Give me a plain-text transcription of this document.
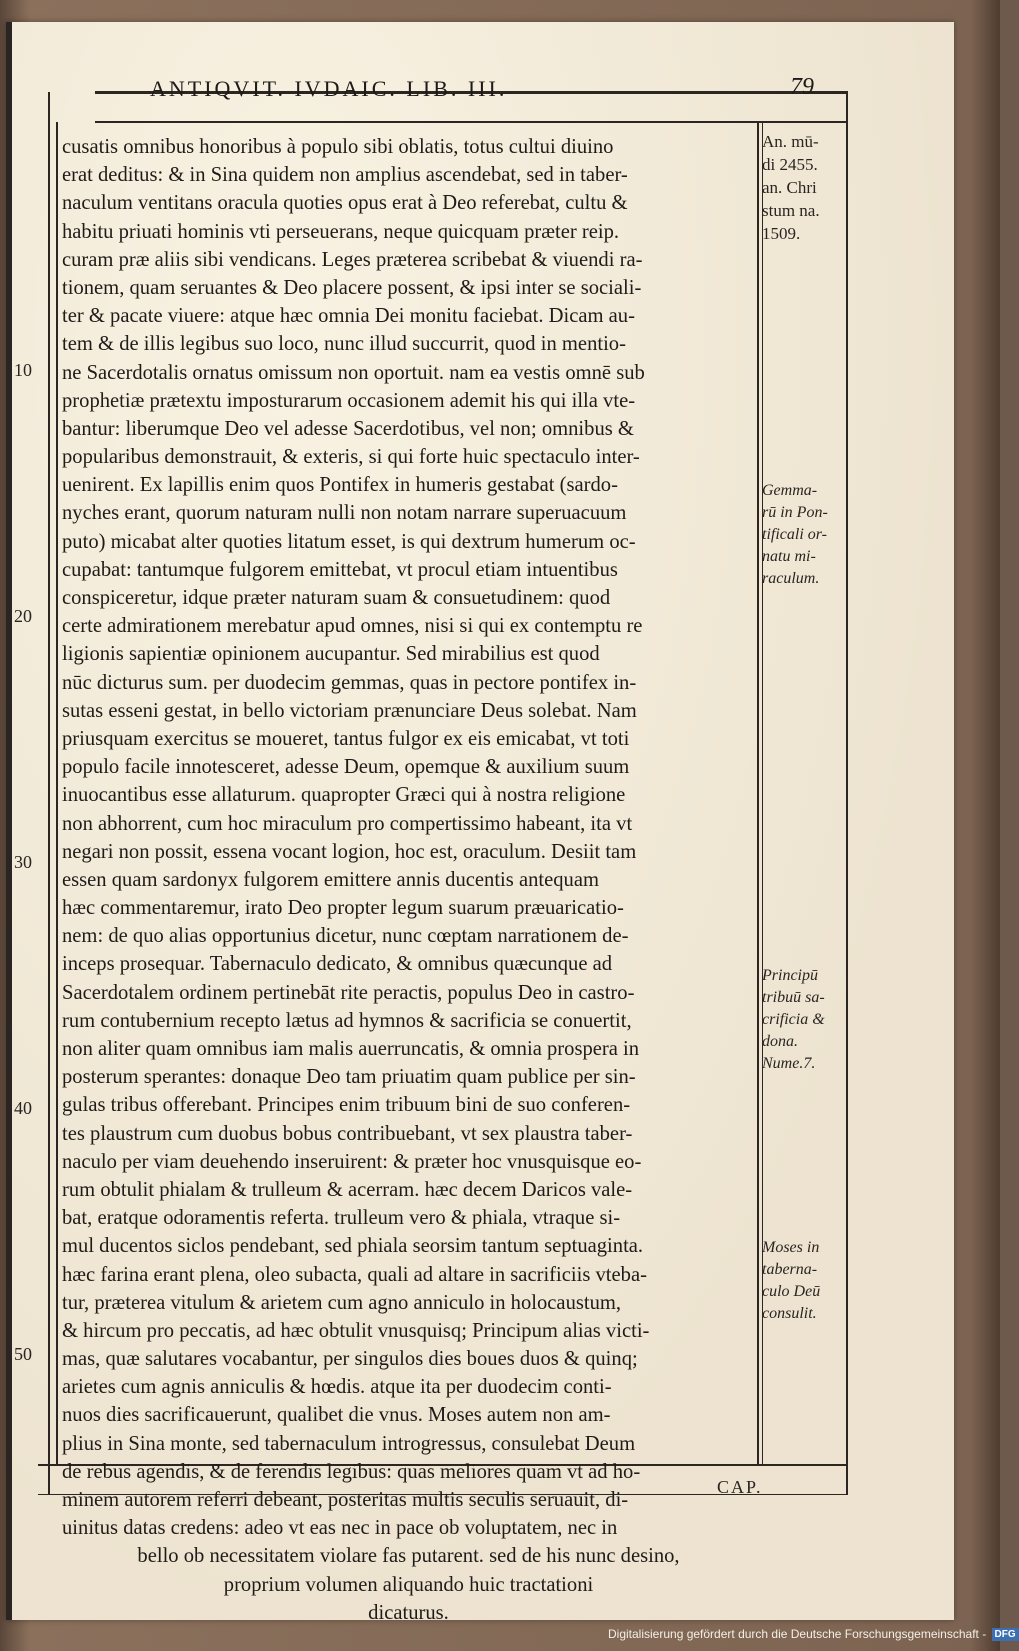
ANTIQVIT. IVDAIC. LIB. III.	79
10
20
30
40
50
cusatis omnibus honoribus à populo sibi oblatis, totus cultui diuino
erat deditus: & in Sina quidem non amplius ascendebat, sed in taber-
naculum ventitans oracula quoties opus erat à Deo referebat, cultu &
habitu priuati hominis vti perseuerans, neque quicquam præter reip.
curam præ aliis sibi vendicans. Leges præterea scribebat & viuendi ra-
tionem, quam seruantes & Deo placere possent, & ipsi inter se sociali-
ter & pacate viuere: atque hæc omnia Dei monitu faciebat. Dicam au-
tem & de illis legibus suo loco, nunc illud succurrit, quod in mentio-
ne Sacerdotalis ornatus omissum non oportuit. nam ea vestis omnē sub
prophetiæ prætextu imposturarum occasionem ademit his qui illa vte-
bantur: liberumque Deo vel adesse Sacerdotibus, vel non; omnibus &
popularibus demonstrauit, & exteris, si qui forte huic spectaculo inter-
uenirent. Ex lapillis enim quos Pontifex in humeris gestabat (sardo-
nyches erant, quorum naturam nulli non notam narrare superuacuum
puto) micabat alter quoties litatum esset, is qui dextrum humerum oc-
cupabat: tantumque fulgorem emittebat, vt procul etiam intuentibus
conspiceretur, idque præter naturam suam & consuetudinem: quod
certe admirationem merebatur apud omnes, nisi si qui ex contemptu re
ligionis sapientiæ opinionem aucupantur. Sed mirabilius est quod
nūc dicturus sum. per duodecim gemmas, quas in pectore pontifex in-
sutas esseni gestat, in bello victoriam prænunciare Deus solebat. Nam
priusquam exercitus se moueret, tantus fulgor ex eis emicabat, vt toti
populo facile innotesceret, adesse Deum, opemque & auxilium suum
inuocantibus esse allaturum. quapropter Græci qui à nostra religione
non abhorrent, cum hoc miraculum pro compertissimo habeant, ita vt
negari non possit, essena vocant logion, hoc est, oraculum. Desiit tam
essen quam sardonyx fulgorem emittere annis ducentis antequam
hæc commentaremur, irato Deo propter legum suarum præuaricatio-
nem: de quo alias opportunius dicetur, nunc cœptam narrationem de-
inceps prosequar. Tabernaculo dedicato, & omnibus quæcunque ad
Sacerdotalem ordinem pertinebāt rite peractis, populus Deo in castro-
rum contubernium recepto lætus ad hymnos & sacrificia se conuertit,
non aliter quam omnibus iam malis auerruncatis, & omnia prospera in
posterum sperantes: donaque Deo tam priuatim quam publice per sin-
gulas tribus offerebant. Principes enim tribuum bini de suo conferen-
tes plaustrum cum duobus bobus contribuebant, vt sex plaustra taber-
naculo per viam deuehendo inseruirent: & præter hoc vnusquisque eo-
rum obtulit phialam & trulleum & acerram. hæc decem Daricos vale-
bat, eratque odoramentis referta. trulleum vero & phiala, vtraque si-
mul ducentos siclos pendebant, sed phiala seorsim tantum septuaginta.
hæc farina erant plena, oleo subacta, quali ad altare in sacrificiis vteba-
tur, præterea vitulum & arietem cum agno anniculo in holocaustum,
& hircum pro peccatis, ad hæc obtulit vnusquisq; Principum alias victi-
mas, quæ salutares vocabantur, per singulos dies boues duos & quinq;
arietes cum agnis anniculis & hœdis. atque ita per duodecim conti-
nuos dies sacrificauerunt, qualibet die vnus. Moses autem non am-
plius in Sina monte, sed tabernaculum introgressus, consulebat Deum
de rebus agendis, & de ferendis legibus: quas meliores quam vt ad ho-
minem autorem referri debeant, posteritas multis seculis seruauit, di-
uinitus datas credens: adeo vt eas nec in pace ob voluptatem, nec in
bello ob necessitatem violare fas putarent. sed de his nunc desino,
proprium volumen aliquando huic tractationi
dicaturus.
An. mū-
di 2455.
an. Chri
stum na.
1509.
Gemma-
rū in Pon-
tificali or-
natu mi-
raculum.
Principū
tribuū sa-
crificia &
dona.
Nume.7.
Moses in
taberna-
culo Deū
consulit.
CAP.
Digitalisierung gefördert durch die Deutsche Forschungsgemeinschaft - DFG
